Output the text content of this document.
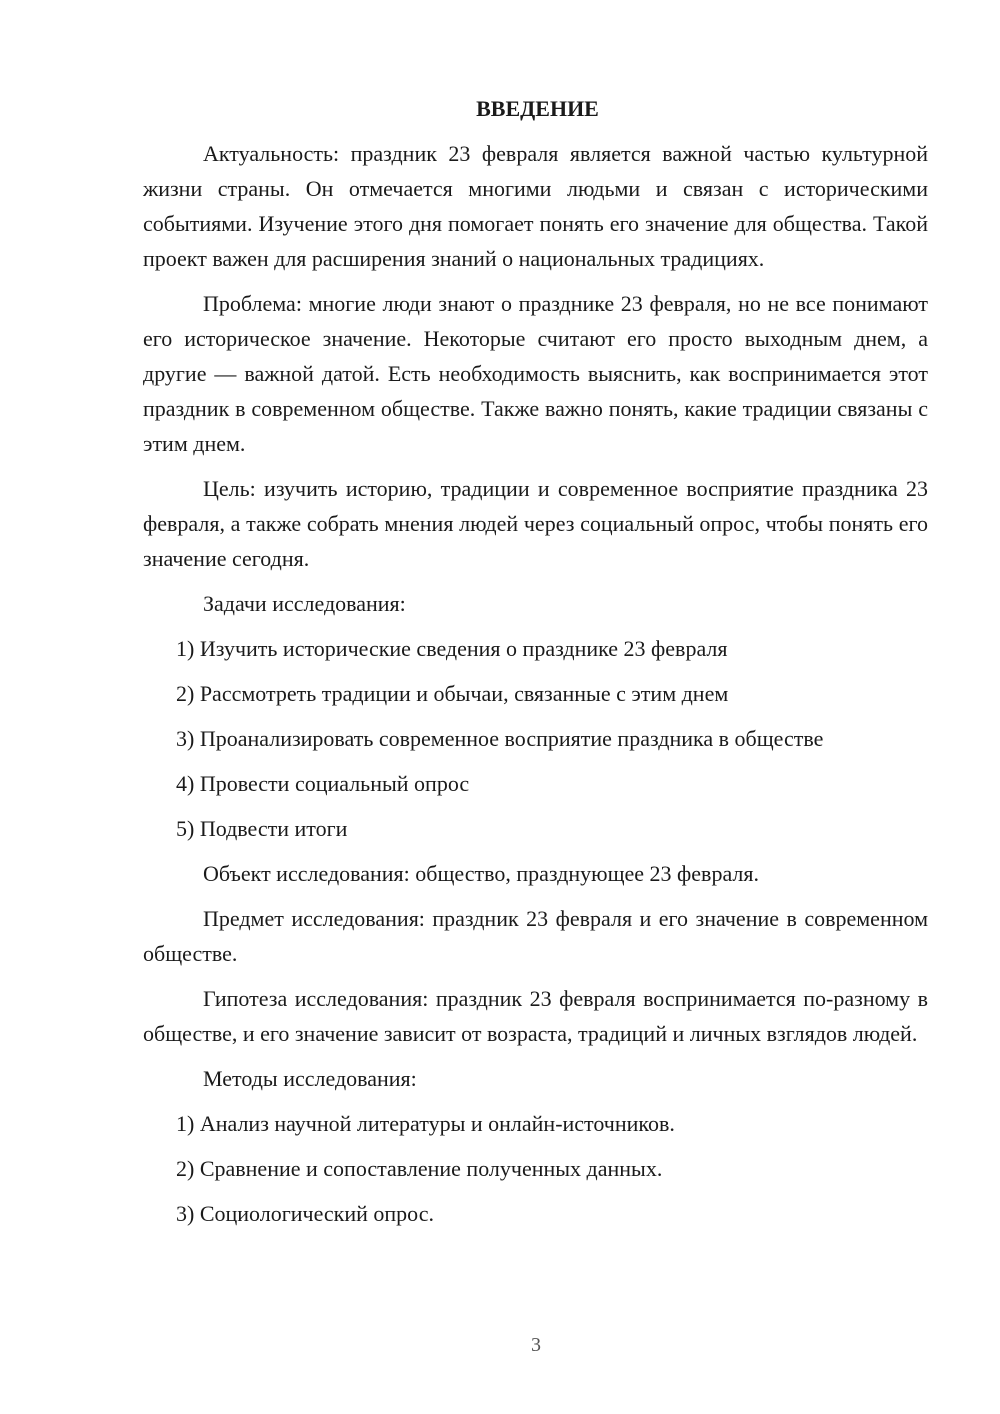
ВВЕДЕНИЕ

Актуальность: праздник 23 февраля является важной частью культурной жизни страны. Он отмечается многими людьми и связан с историческими событиями. Изучение этого дня помогает понять его значение для общества. Такой проект важен для расширения знаний о национальных традициях.

Проблема: многие люди знают о празднике 23 февраля, но не все понимают его историческое значение. Некоторые считают его просто выходным днем, а другие — важной датой. Есть необходимость выяснить, как воспринимается этот праздник в современном обществе. Также важно понять, какие традиции связаны с этим днем.

Цель: изучить историю, традиции и современное восприятие праздника 23 февраля, а также собрать мнения людей через социальный опрос, чтобы понять его значение сегодня.

Задачи исследования:

1) Изучить исторические сведения о празднике 23 февраля
2) Рассмотреть традиции и обычаи, связанные с этим днем
3) Проанализировать современное восприятие праздника в обществе
4) Провести социальный опрос
5) Подвести итоги

Объект исследования: общество, празднующее 23 февраля.

Предмет исследования: праздник 23 февраля и его значение в современном обществе.

Гипотеза исследования: праздник 23 февраля воспринимается по-разному в обществе, и его значение зависит от возраста, традиций и личных взглядов людей.

Методы исследования:

1) Анализ научной литературы и онлайн-источников.
2) Сравнение и сопоставление полученных данных.
3) Социологический опрос.
3
